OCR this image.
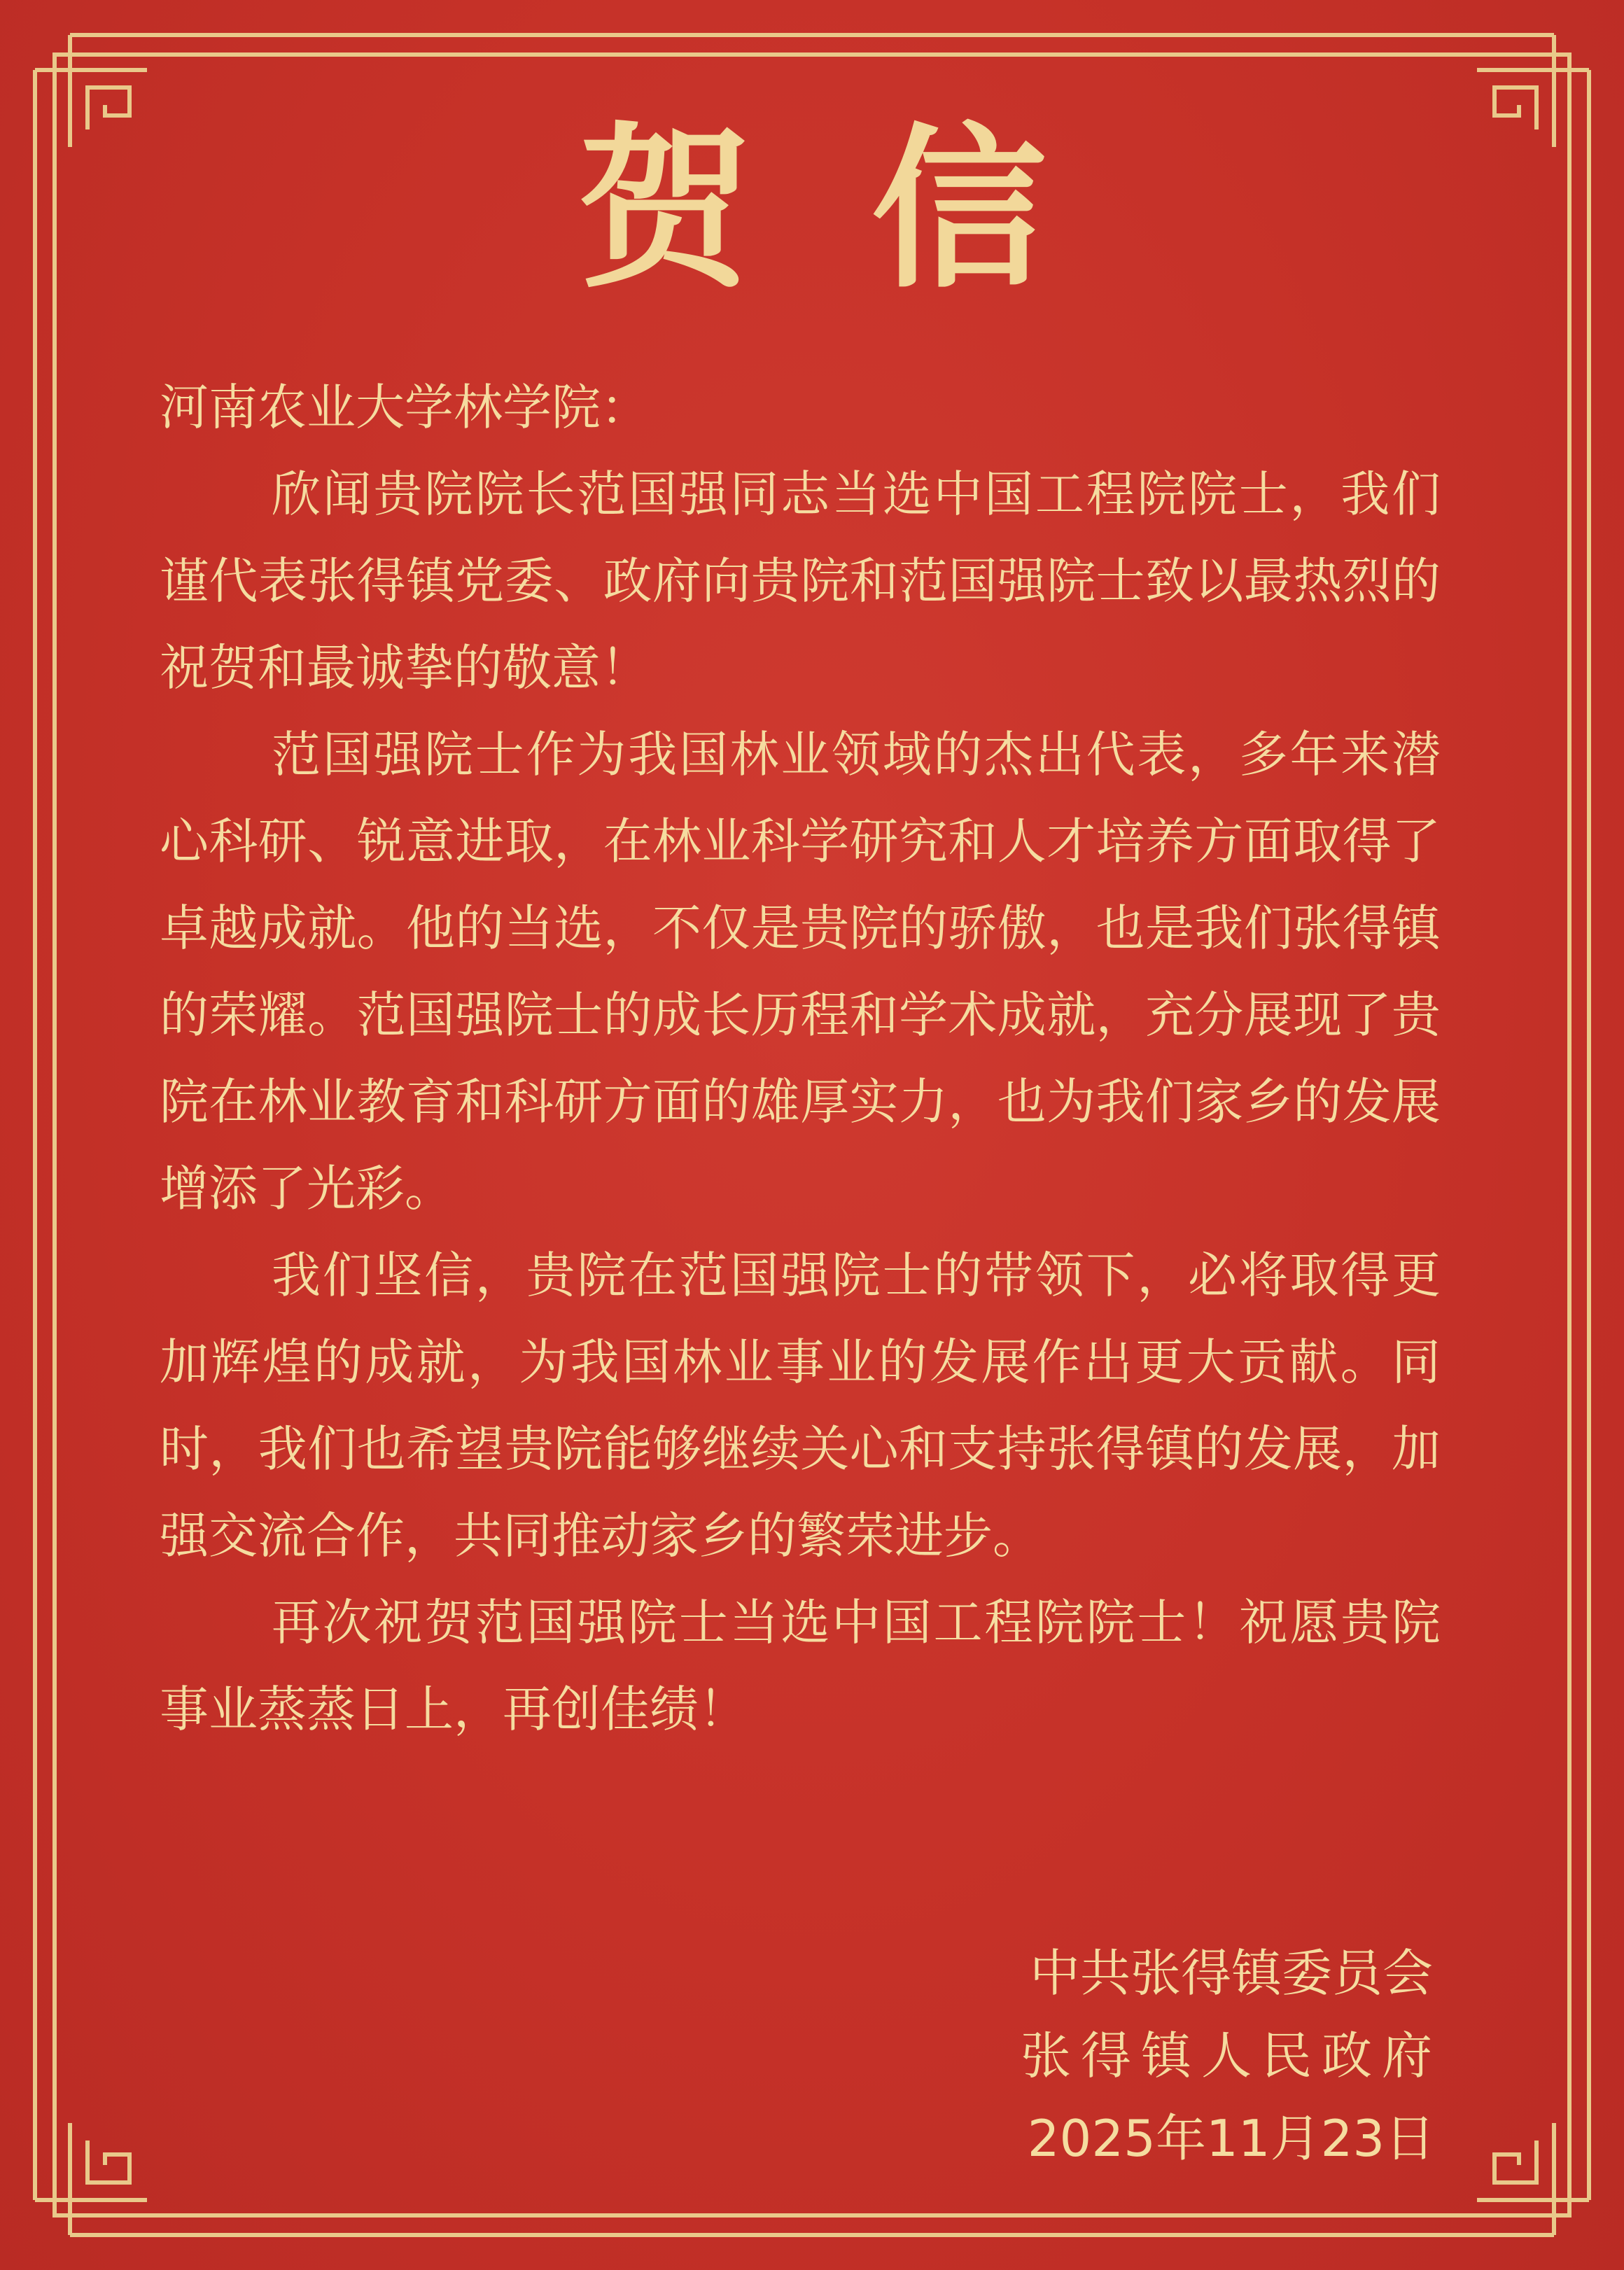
贺信

河南农业大学林学院：

欣闻贵院院长范国强同志当选中国工程院院士，我们谨代表张得镇党委、政府向贵院和范国强院士致以最热烈的祝贺和最诚挚的敬意！

范国强院士作为我国林业领域的杰出代表，多年来潜心科研、锐意进取，在林业科学研究和人才培养方面取得了卓越成就。他的当选，不仅是贵院的骄傲，也是我们张得镇的荣耀。范国强院士的成长历程和学术成就，充分展现了贵院在林业教育和科研方面的雄厚实力，也为我们家乡的发展增添了光彩。

我们坚信，贵院在范国强院士的带领下，必将取得更加辉煌的成就，为我国林业事业的发展作出更大贡献。同时，我们也希望贵院能够继续关心和支持张得镇的发展，加强交流合作，共同推动家乡的繁荣进步。

再次祝贺范国强院士当选中国工程院院士！祝愿贵院事业蒸蒸日上，再创佳绩！

中共张得镇委员会
张得镇人民政府
2025年11月23日
